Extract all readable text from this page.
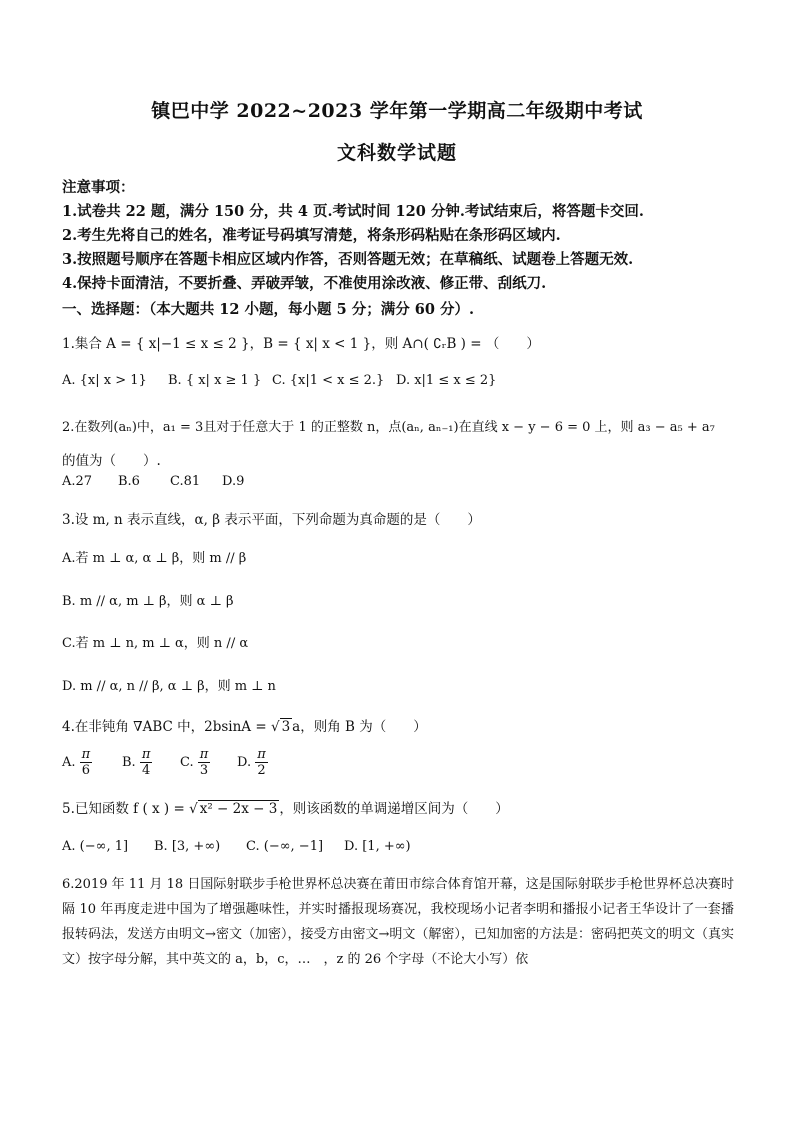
镇巴中学 2022~2023 学年第一学期高二年级期中考试
文科数学试题
注意事项：
1.试卷共 22 题，满分 150 分，共 4 页.考试时间 120 分钟.考试结束后，将答题卡交回.
2.考生先将自己的姓名，准考证号码填写清楚，将条形码粘贴在条形码区域内.
3.按照题号顺序在答题卡相应区域内作答，否则答题无效；在草稿纸、试题卷上答题无效.
4.保持卡面清洁，不要折叠、弄破弄皱，不准使用涂改液、修正带、刮纸刀.
一、选择题：（本大题共 12 小题，每小题 5 分；满分 60 分）.
1.集合 A = { x|−1 ≤ x ≤ 2 }，B = { x| x < 1 }，则 A∩( ∁ᵣB ) = （　　）
A. {x| x > 1} B. { x| x ≥ 1 } C. {x|1 < x ≤ 2.} D. x|1 ≤ x ≤ 2}
2.在数列(aₙ)中，a₁ = 3且对于任意大于 1 的正整数 n，点(aₙ, aₙ₋₁)在直线 x − y − 6 = 0 上，则 a₃ − a₅ + a₇
的值为（　　）.
A.27 B.6 C.81 D.9
3.设 m, n 表示直线，α, β 表示平面，下列命题为真命题的是（　　）
A.若 m ⊥ α, α ⊥ β，则 m // β
B. m // α, m ⊥ β，则 α ⊥ β
C.若 m ⊥ n, m ⊥ α，则 n // α
D. m // α, n // β, α ⊥ β，则 m ⊥ n
4.在非钝角 ∇ABC 中，2bsinA = √ 3 a，则角 B 为（　　）
A. $\frac{\pi}{6} B$. $\frac{\pi}{4} C$. $\frac{\pi}{3} D$. $\frac{\pi}{2}$
5.已知函数 f ( x ) = √ x² − 2x − 3 ，则该函数的单调递增区间为（　　）
A. (−∞, 1] B. [3, +∞) C. (−∞, −1] D. [1, +∞)
6.2019 年 11 月 18 日国际射联步手枪世界杯总决赛在莆田市综合体育馆开幕，这是国际射联步手枪世界杯总决赛时隔 10 年再度走进中国为了增强趣味性，并实时播报现场赛况，我校现场小记者李明和播报小记者王华设计了一套播报转码法，发送方由明文→密文（加密），接受方由密文→明文（解密），已知加密的方法是：密码把英文的明文（真实文）按字母分解，其中英文的 a，b，c，…　，z 的 26 个字母（不论大小写）依
